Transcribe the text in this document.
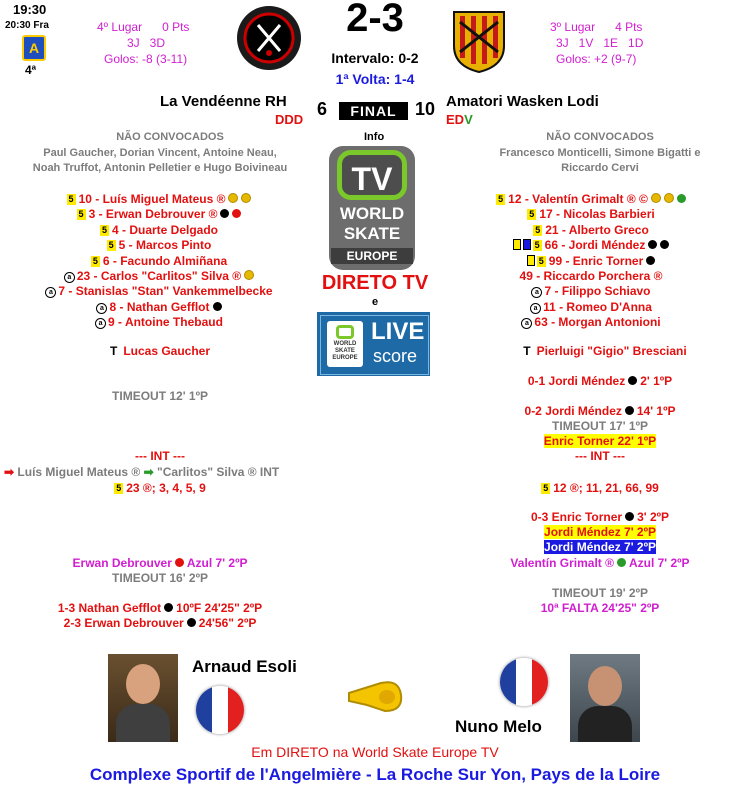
19:30
20:30 Fra
A
4ª
4º Lugar      0 Pts
3J   3D
Golos: -8 (3-11)
3º Lugar      4 Pts
3J   1V   1E   1D
Golos: +2 (9-7)
2-3
Intervalo: 0-2
1ª Volta: 1-4
La Vendéenne RH
DDD
6	FINAL	10 Amatori Wasken Lodi
EDV
Info
NÃO CONVOCADOS
Paul Gaucher, Dorian Vincent, Antoine Neau,
Noah Truffot, Antonin Pelletier e Hugo Boivineau
NÃO CONVOCADOS
Francesco Monticelli, Simone Bigatti e
Riccardo Cervi
TV
WORLD
SKATE
EUROPE
DIRETO TV
e
WORLD SKATE EUROPE
LIVE
score
5 10 - Luís Miguel Mateus ®
5 3 - Erwan Debrouver ®
5 4 - Duarte Delgado
5 5 - Marcos Pinto
5 6 - Facundo Almiñana
a 23 - Carlos "Carlitos" Silva ®
a 7 - Stanislas "Stan" Vankemmelbecke
a 8 - Nathan Gefflot
a 9 - Antoine Thebaud
5 12 - Valentín Grimalt ® ©
5 17 - Nicolas Barbieri
5 21 - Alberto Greco
5 66 - Jordi Méndez
5 99 - Enric Torner
49 - Riccardo Porchera ®
a 7 - Filippo Schiavo
a 11 - Romeo D'Anna
a 63 - Morgan Antonioni
T Lucas Gaucher	T Pierluigi "Gigio" Bresciani
TIMEOUT 12' 1ºP
--- INT ---
➡ Luís Miguel Mateus ® ➡ "Carlitos" Silva ® INT
5 23 ®; 3, 4, 5, 9
Erwan Debrouver Azul 7' 2ºP
TIMEOUT 16' 2ºP
1-3 Nathan Gefflot 10ºF 24'25" 2ºP
2-3 Erwan Debrouver 24'56" 2ºP
0-1 Jordi Méndez 2' 1ºP
0-2 Jordi Méndez 14' 1ºP
TIMEOUT 17' 1ºP
Enric Torner 22' 1ºP
--- INT ---
5 12 ®; 11, 21, 66, 99
0-3 Enric Torner 3' 2ºP
Jordi Méndez 7' 2ºP
Jordi Méndez 7' 2ºP
Valentín Grimalt ® Azul 7' 2ºP
TIMEOUT 19' 2ºP
10ª FALTA 24'25" 2ºP
Arnaud Esoli
Nuno Melo
Em DIRETO na World Skate Europe TV
Complexe Sportif de l'Angelmière - La Roche Sur Yon, Pays de la Loire
